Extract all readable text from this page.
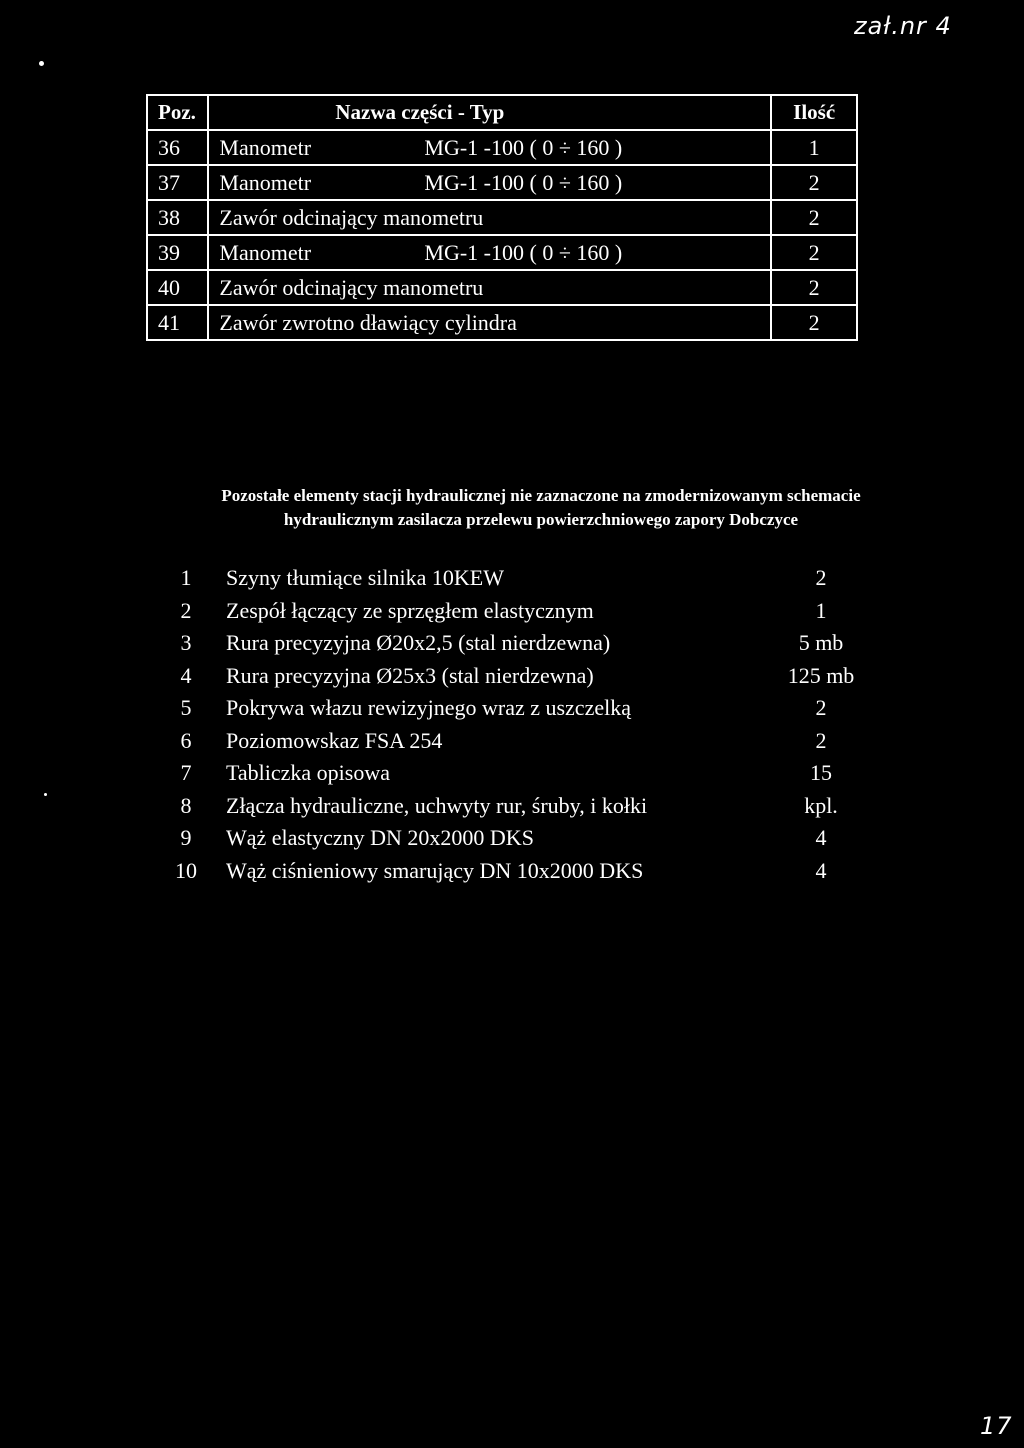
zał.nr 4
Poz.	Nazwa części - Typ	Ilość
36	Manometr MG-1 -100 ( 0 ÷ 160 )	1
37	Manometr MG-1 -100 ( 0 ÷ 160 )	2
38	Zawór odcinający manometru	2
39	Manometr MG-1 -100 ( 0 ÷ 160 )	2
40	Zawór odcinający manometru	2
41	Zawór zwrotno dławiący cylindra	2
Pozostałe elementy stacji hydraulicznej nie zaznaczone na zmodernizowanym schemacie
hydraulicznym zasilacza przelewu powierzchniowego zapory Dobczyce
1	Szyny tłumiące silnika 10KEW	2
2	Zespół łączący ze sprzęgłem elastycznym	1
3	Rura precyzyjna Ø20x2,5 (stal nierdzewna)	5 mb
4	Rura precyzyjna Ø25x3 (stal nierdzewna)	125 mb
5	Pokrywa włazu rewizyjnego wraz z uszczelką	2
6	Poziomowskaz FSA 254	2
7	Tabliczka opisowa	15
8	Złącza hydrauliczne, uchwyty rur, śruby, i kołki	kpl.
9	Wąż elastyczny DN 20x2000 DKS	4
10	Wąż ciśnieniowy smarujący DN 10x2000 DKS	4
17
